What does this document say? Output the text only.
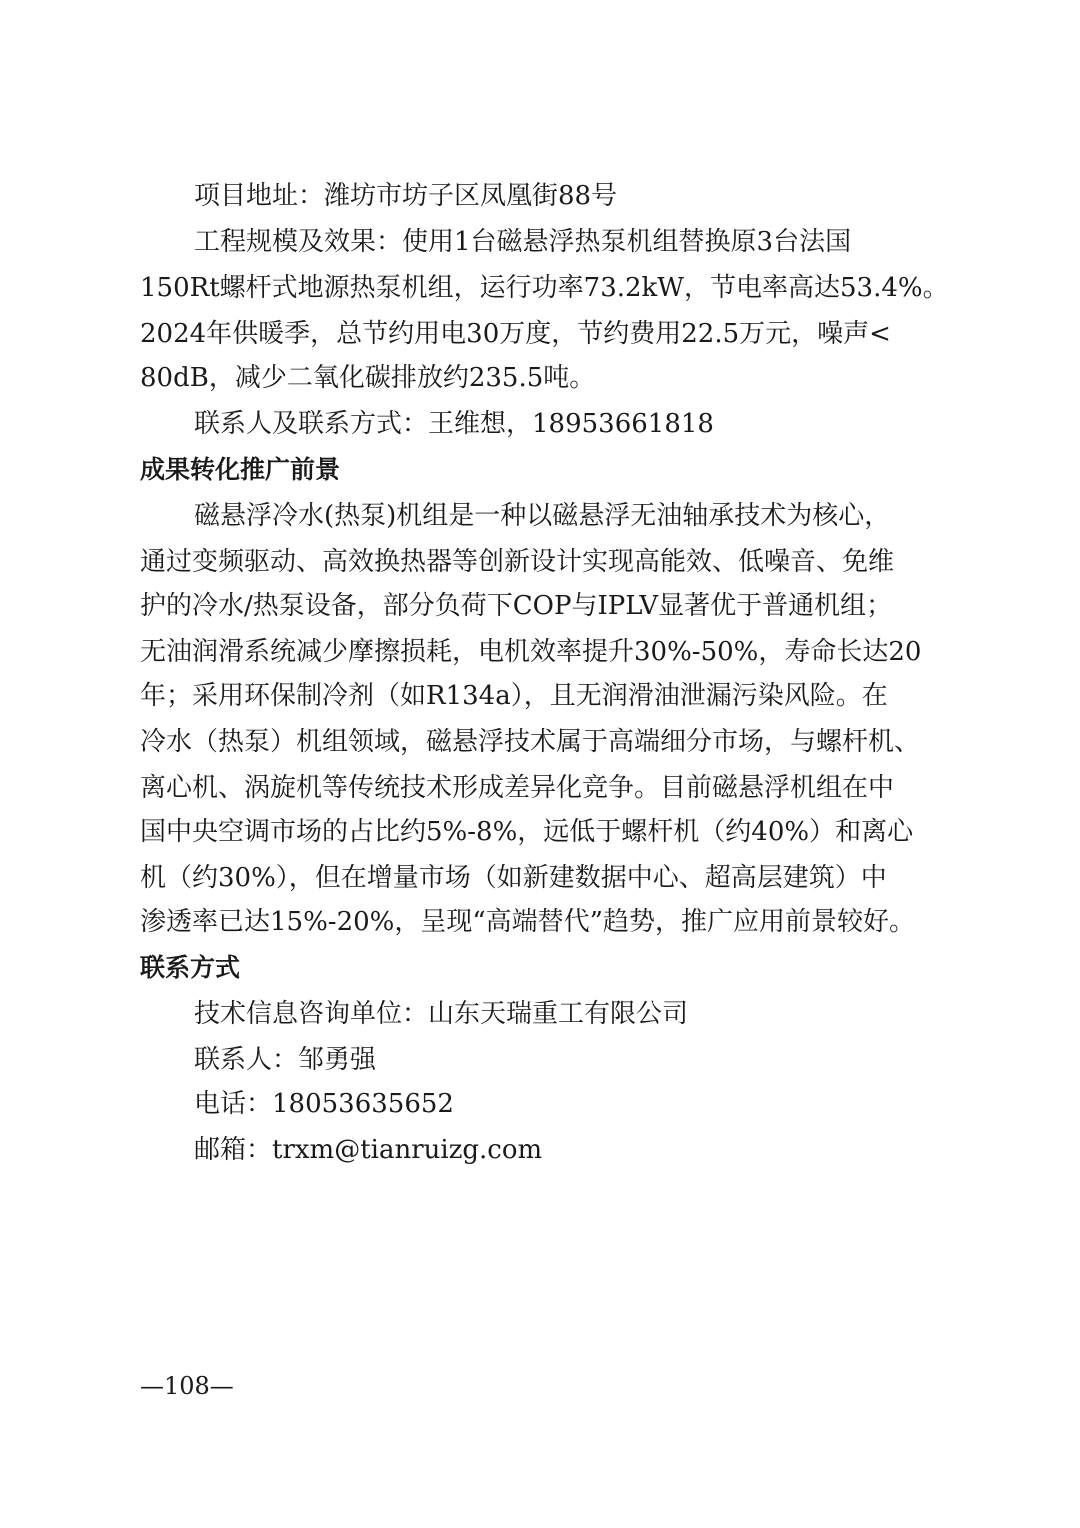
项目地址：潍坊市坊子区凤凰街88号
工程规模及效果：使用1台磁悬浮热泵机组替换原3台法国
150Rt螺杆式地源热泵机组，运行功率73.2kW，节电率高达53.4%。
2024年供暖季，总节约用电30万度，节约费用22.5万元，噪声<
80dB，减少二氧化碳排放约235.5吨。
联系人及联系方式：王维想，18953661818
成果转化推广前景
磁悬浮冷水(热泵)机组是一种以磁悬浮无油轴承技术为核心，
通过变频驱动、高效换热器等创新设计实现高能效、低噪音、免维
护的冷水/热泵设备，部分负荷下COP与IPLV显著优于普通机组；
无油润滑系统减少摩擦损耗，电机效率提升30%-50%，寿命长达20
年；采用环保制冷剂（如R134a），且无润滑油泄漏污染风险。在
冷水（热泵）机组领域，磁悬浮技术属于高端细分市场，与螺杆机、
离心机、涡旋机等传统技术形成差异化竞争。目前磁悬浮机组在中
国中央空调市场的占比约5%-8%，远低于螺杆机（约40%）和离心
机（约30%），但在增量市场（如新建数据中心、超高层建筑）中
渗透率已达15%-20%，呈现“高端替代”趋势，推广应用前景较好。
联系方式
技术信息咨询单位：山东天瑞重工有限公司
联系人：邹勇强
电话：18053635652
邮箱：trxm@tianruizg.com
—108—
